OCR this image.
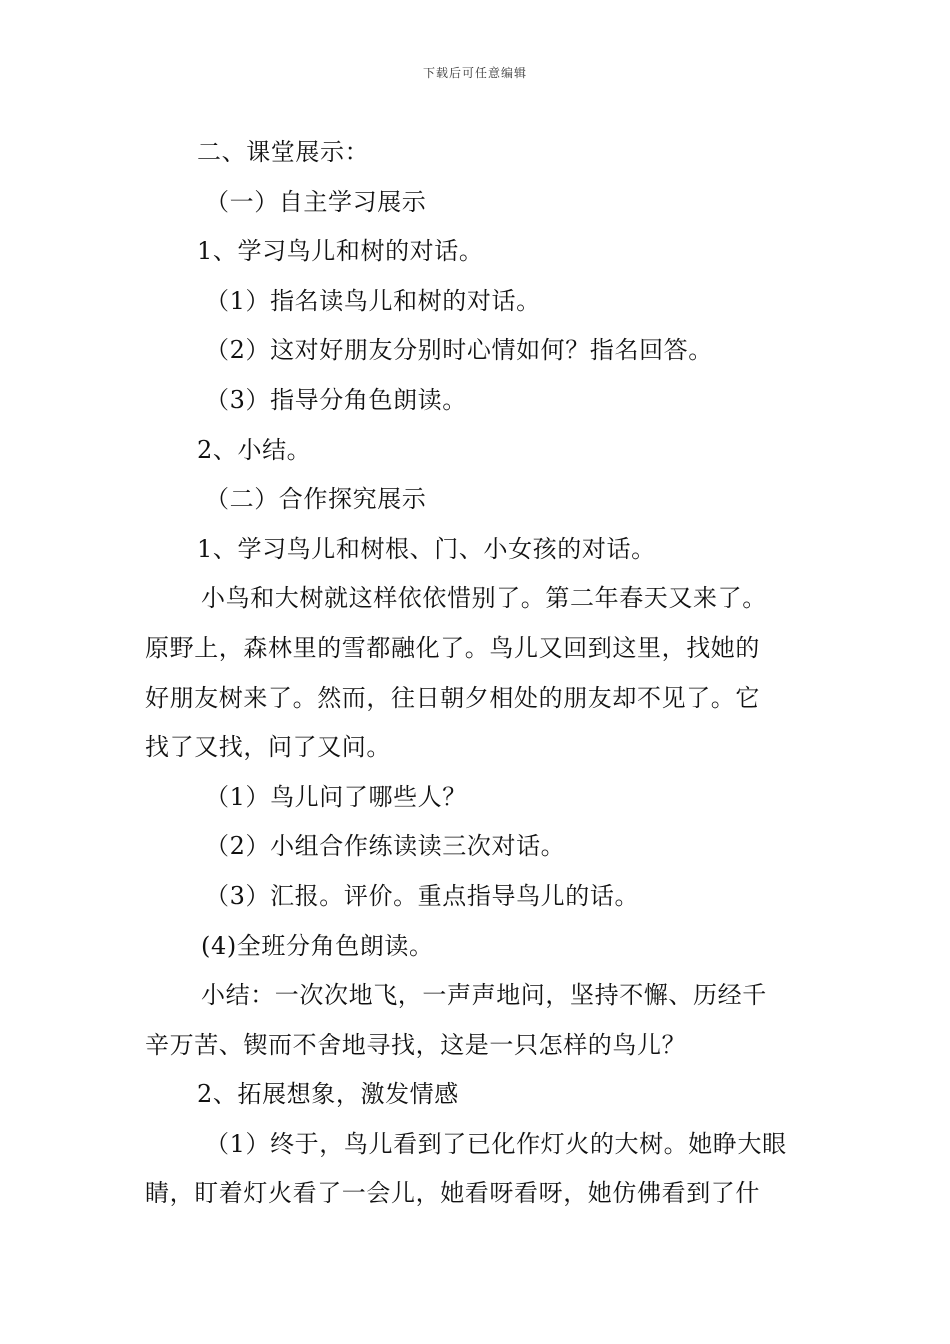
下载后可任意编辑
二、课堂展示：
（一）自主学习展示
1、学习鸟儿和树的对话。
（1）指名读鸟儿和树的对话。
（2）这对好朋友分别时心情如何？指名回答。
（3）指导分角色朗读。
2、小结。
（二）合作探究展示
1、学习鸟儿和树根、门、小女孩的对话。
小鸟和大树就这样依依惜别了。第二年春天又来了。
原野上，森林里的雪都融化了。鸟儿又回到这里，找她的
好朋友树来了。然而，往日朝夕相处的朋友却不见了。它
找了又找，问了又问。
（1）鸟儿问了哪些人？
（2）小组合作练读读三次对话。
（3）汇报。评价。重点指导鸟儿的话。
(4)全班分角色朗读。
小结：一次次地飞，一声声地问，坚持不懈、历经千
辛万苦、锲而不舍地寻找，这是一只怎样的鸟儿？
2、拓展想象，激发情感
（1）终于，鸟儿看到了已化作灯火的大树。她睁大眼
睛，盯着灯火看了一会儿，她看呀看呀，她仿佛看到了什
